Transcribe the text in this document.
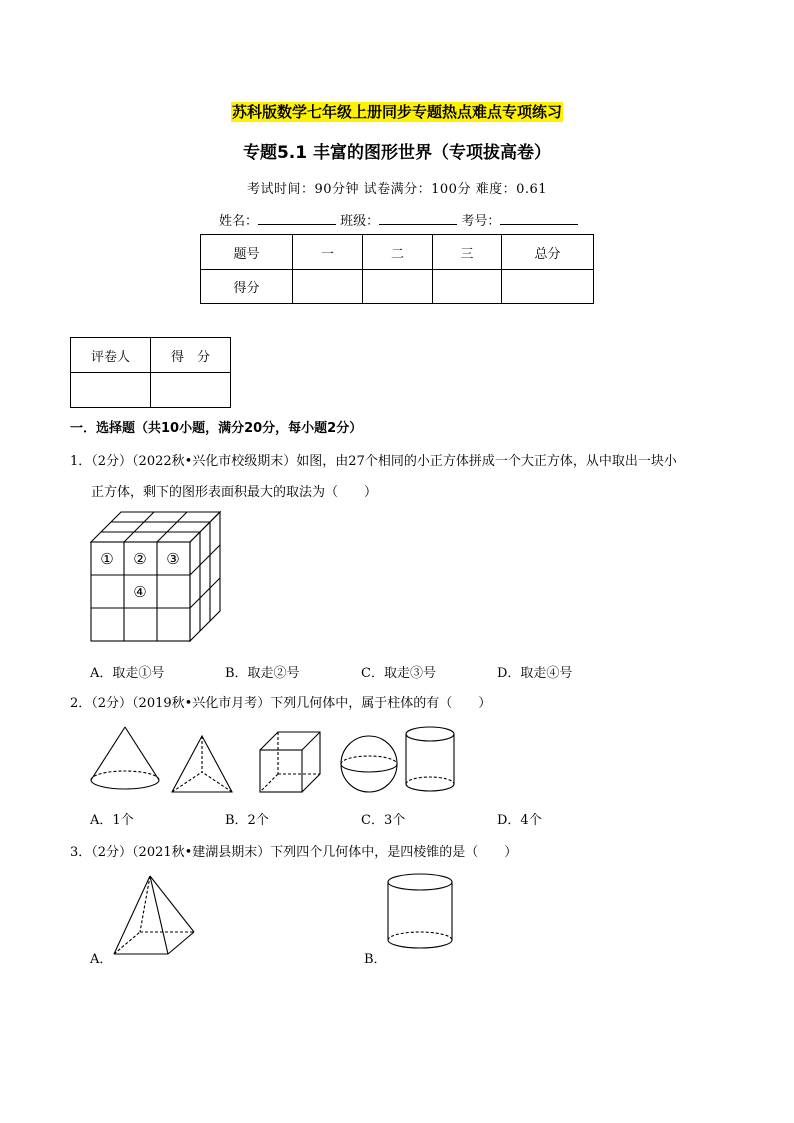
苏科版数学七年级上册同步专题热点难点专项练习
专题5.1 丰富的图形世界（专项拔高卷）
考试时间：90分钟 试卷满分：100分 难度：0.61
姓名：	班级：	考号：
题号	一	二	三	总分
得分				
评卷人	得　分

一．选择题（共10小题，满分20分，每小题2分）
1．（2分）（2022秋•兴化市校级期末）如图，由27个相同的小正方体拼成一个大正方体，从中取出一块小
正方体，剩下的图形表面积最大的取法为（　　）
① ② ③
④
A．取走①号	B．取走②号	C．取走③号	D．取走④号
2．（2分）（2019秋•兴化市月考）下列几何体中，属于柱体的有（　　）
A．1个	B．2个	C．3个	D．4个
3．（2分）（2021秋•建湖县期末）下列四个几何体中，是四棱锥的是（　　）
A．	B．
